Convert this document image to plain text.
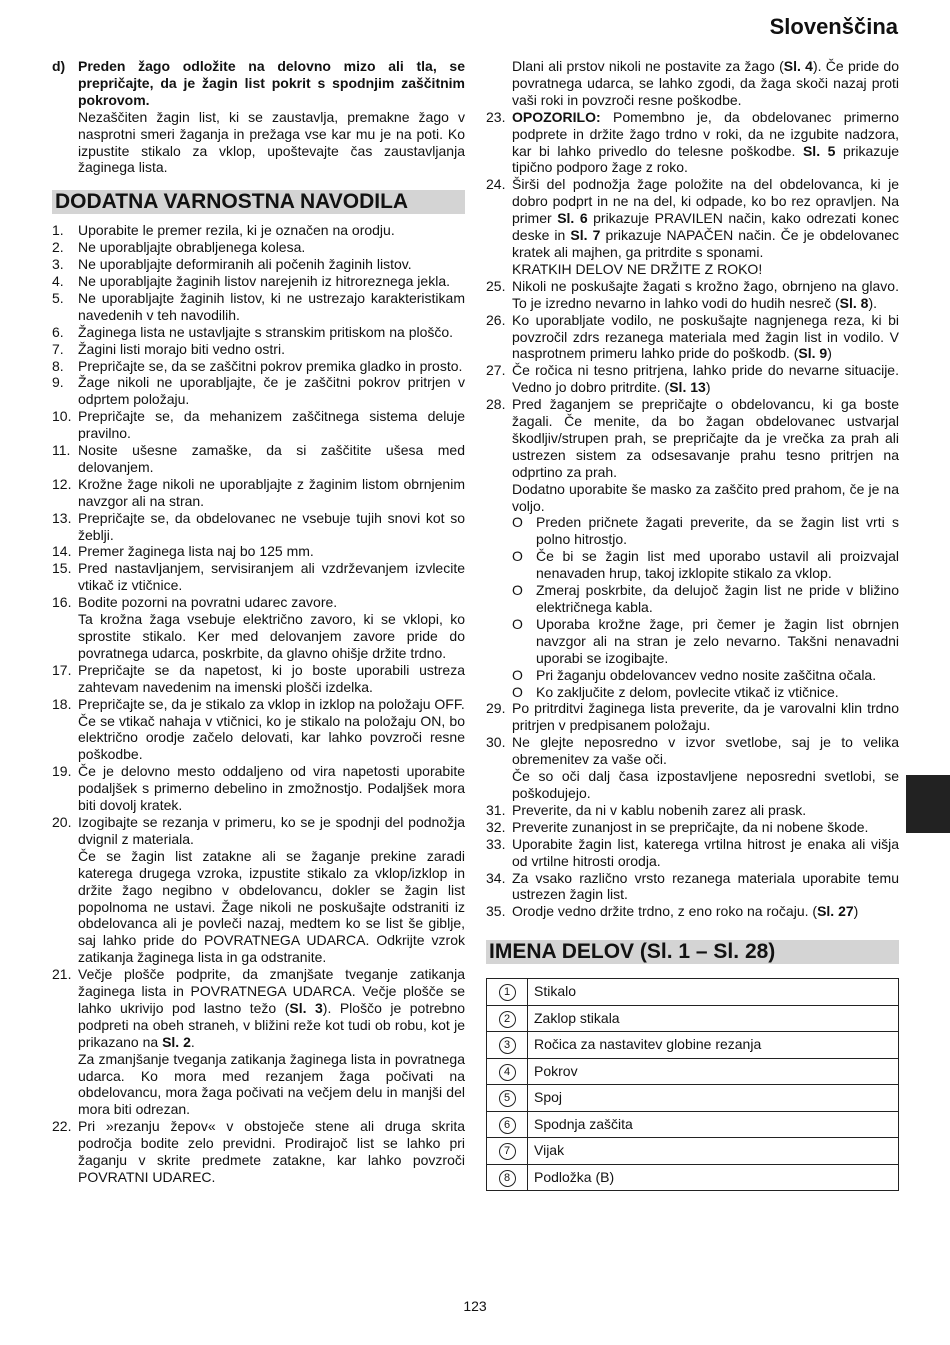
Slovenščina
d) Preden žago odložite na delovno mizo ali tla, se prepričajte, da je žagin list pokrit s spodnjim zaščitnim pokrovom.
Nezaščiten žagin list, ki se zaustavlja, premakne žago v nasprotni smeri žaganja in prežaga vse kar mu je na poti. Ko izpustite stikalo za vklop, upoštevajte čas zaustavljanja žaginega lista.
DODATNA VARNOSTNA NAVODILA
1. Uporabite le premer rezila, ki je označen na orodju.
2. Ne uporabljajte obrabljenega kolesa.
3. Ne uporabljajte deformiranih ali počenih žaginih listov.
4. Ne uporabljajte žaginih listov narejenih iz hitroreznega jekla.
5. Ne uporabljajte žaginih listov, ki ne ustrezajo karakteristikam navedenih v teh navodilih.
6. Žaginega lista ne ustavljajte s stranskim pritiskom na ploščo.
7. Žagini listi morajo biti vedno ostri.
8. Prepričajte se, da se zaščitni pokrov premika gladko in prosto.
9. Žage nikoli ne uporabljajte, če je zaščitni pokrov pritrjen v odprtem položaju.
10. Prepričajte se, da mehanizem zaščitnega sistema deluje pravilno.
11. Nosite ušesne zamaške, da si zaščitite ušesa med delovanjem.
12. Krožne žage nikoli ne uporabljajte z žaginim listom obrnjenim navzgor ali na stran.
13. Prepričajte se, da obdelovanec ne vsebuje tujih snovi kot so žeblji.
14. Premer žaginega lista naj bo 125 mm.
15. Pred nastavljanjem, servisiranjem ali vzdrževanjem izvlecite vtikač iz vtičnice.
16. Bodite pozorni na povratni udarec zavore.
Ta krožna žaga vsebuje električno zavoro, ki se vklopi, ko sprostite stikalo. Ker med delovanjem zavore pride do povratnega udarca, poskrbite, da glavno ohišje držite trdno.
17. Prepričajte se da napetost, ki jo boste uporabili ustreza zahtevam navedenim na imenski plošči izdelka.
18. Prepričajte se, da je stikalo za vklop in izklop na položaju OFF.
Če se vtikač nahaja v vtičnici, ko je stikalo na položaju ON, bo električno orodje začelo delovati, kar lahko povzroči resne poškodbe.
19. Če je delovno mesto oddaljeno od vira napetosti uporabite podaljšek s primerno debelino in zmožnostjo. Podaljšek mora biti dovolj kratek.
20. Izogibajte se rezanja v primeru, ko se je spodnji del podnožja dvignil z materiala.
Če se žagin list zatakne ali se žaganje prekine zaradi katerega drugega vzroka, izpustite stikalo za vklop/izklop in držite žago negibno v obdelovancu, dokler se žagin list popolnoma ne ustavi. Žage nikoli ne poskušajte odstraniti iz obdelovanca ali je povleči nazaj, medtem ko se list še giblje, saj lahko pride do POVRATNEGA UDARCA. Odkrijte vzrok zatikanja žaginega lista in ga odstranite.
21. Večje plošče podprite, da zmanjšate tveganje zatikanja žaginega lista in POVRATNEGA UDARCA. Večje plošče se lahko ukrivijo pod lastno težo (Sl. 3). Ploščo je potrebno podpreti na obeh straneh, v bližini reže kot tudi ob robu, kot je prikazano na Sl. 2.
Za zmanjšanje tveganja zatikanja žaginega lista in povratnega udarca. Ko mora med rezanjem žaga počivati na obdelovancu, mora žaga počivati na večjem delu in manjši del mora biti odrezan.
22. Pri »rezanju žepov« v obstoječe stene ali druga skrita področja bodite zelo previdni. Prodirajoč list se lahko pri žaganju v skrite predmete zatakne, kar lahko povzroči POVRATNI UDAREC.
Dlani ali prstov nikoli ne postavite za žago (Sl. 4). Če pride do povratnega udarca, se lahko zgodi, da žaga skoči nazaj proti vaši roki in povzroči resne poškodbe.
23. OPOZORILO: Pomembno je, da obdelovanec primerno podprete in držite žago trdno v roki, da ne izgubite nadzora, kar bi lahko privedlo do telesne poškodbe. Sl. 5 prikazuje tipično podporo žage z roko.
24. Širši del podnožja žage položite na del obdelovanca, ki je dobro podprt in ne na del, ki odpade, ko bo rez opravljen. Na primer Sl. 6 prikazuje PRAVILEN način, kako odrezati konec deske in Sl. 7 prikazuje NAPAČEN način. Če je obdelovanec kratek ali majhen, ga pritrdite s sponami.
KRATKIH DELOV NE DRŽITE Z ROKO!
25. Nikoli ne poskušajte žagati s krožno žago, obrnjeno na glavo. To je izredno nevarno in lahko vodi do hudih nesreč (Sl. 8).
26. Ko uporabljate vodilo, ne poskušajte nagnjenega reza, ki bi povzročil zdrs rezanega materiala med žagin list in vodilo. V nasprotnem primeru lahko pride do poškodb. (Sl. 9)
27. Če ročica ni tesno pritrjena, lahko pride do nevarne situacije. Vedno jo dobro pritrdite. (Sl. 13)
28. Pred žaganjem se prepričajte o obdelovancu, ki ga boste žagali. Če menite, da bo žagan obdelovanec ustvarjal škodljiv/strupen prah, se prepričajte da je vrečka za prah ali ustrezen sistem za odsesavanje prahu tesno pritrjen na odprtino za prah.
Dodatno uporabite še masko za zaščito pred prahom, če je na voljo.
O Preden pričnete žagati preverite, da se žagin list vrti s polno hitrostjo.
O Če bi se žagin list med uporabo ustavil ali proizvajal nenavaden hrup, takoj izklopite stikalo za vklop.
O Zmeraj poskrbite, da delujoč žagin list ne pride v bližino električnega kabla.
O Uporaba krožne žage, pri čemer je žagin list obrnjen navzgor ali na stran je zelo nevarno. Takšni nenavadni uporabi se izogibajte.
O Pri žaganju obdelovancev vedno nosite zaščitna očala.
O Ko zaključite z delom, povlecite vtikač iz vtičnice.
29. Po pritrditvi žaginega lista preverite, da je varovalni klin trdno pritrjen v predpisanem položaju.
30. Ne glejte neposredno v izvor svetlobe, saj je to velika obremenitev za vaše oči.
Če so oči dalj časa izpostavljene neposredni svetlobi, se poškodujejo.
31. Preverite, da ni v kablu nobenih zarez ali prask.
32. Preverite zunanjost in se prepričajte, da ni nobene škode.
33. Uporabite žagin list, katerega vrtilna hitrost je enaka ali višja od vrtilne hitrosti orodja.
34. Za vsako različno vrsto rezanega materiala uporabite temu ustrezen žagin list.
35. Orodje vedno držite trdno, z eno roko na ročaju. (Sl. 27)
IMENA DELOV (Sl. 1 – Sl. 28)
1	Stikalo
2	Zaklop stikala
3	Ročica za nastavitev globine rezanja
4	Pokrov
5	Spoj
6	Spodnja zaščita
7	Vijak
8	Podložka (B)
123
